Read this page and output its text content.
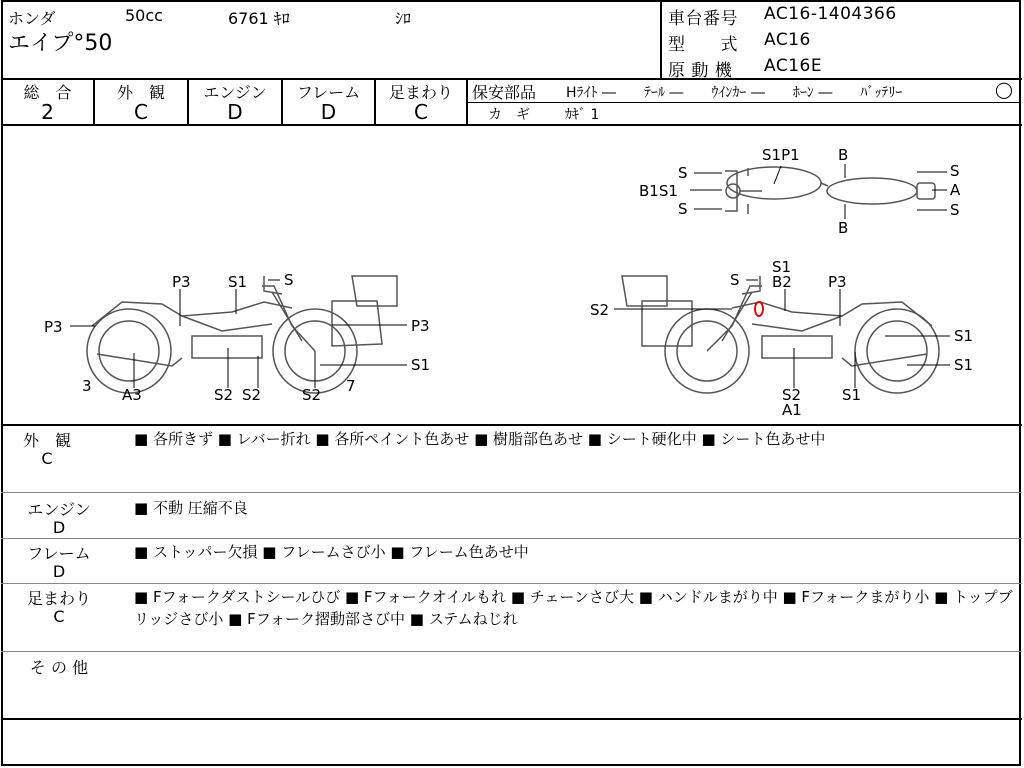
ホンダ	50cc	6761 ｷﾛ	ｼﾛ
エイプ°50
車台番号 AC16-1404366
型　　式 AC16
原 動 機 AC16E
総　合
2
外　観
C
エンジン
D
フレーム
D
足まわり
C
保安部品 Hﾗｲﾄ ―　　ﾃｰﾙ ―　　ｳｲﾝｶｰ ―　　ﾎｰﾝ ―　　ﾊﾞｯﾃﾘｰ	◯
カ　ギ	ｶｷﾞ 1
S1P1	B
S
B1S1
S
B
S
A
S
P3 S1 S
P3	P3
3 A3	S2 S2	S2 7
S1
S1
S B2 P3
S2
S1
S1
S2	S1
A1
外　観
C
■ 各所きず ■ レバー折れ ■ 各所ペイント色あせ ■ 樹脂部色あせ ■ シート硬化中 ■ シート色あせ中
エンジン
D
■ 不動 圧縮不良
フレーム
D
■ ストッパー欠損 ■ フレームさび小 ■ フレーム色あせ中
足まわり
C
■ Fフォークダストシールひび ■ Fフォークオイルもれ ■ チェーンさび大 ■ ハンドルまがり中 ■ Fフォークまがり小 ■ トップブリッジさび小 ■ Fフォーク摺動部さび中 ■ ステムねじれ
そ の 他
